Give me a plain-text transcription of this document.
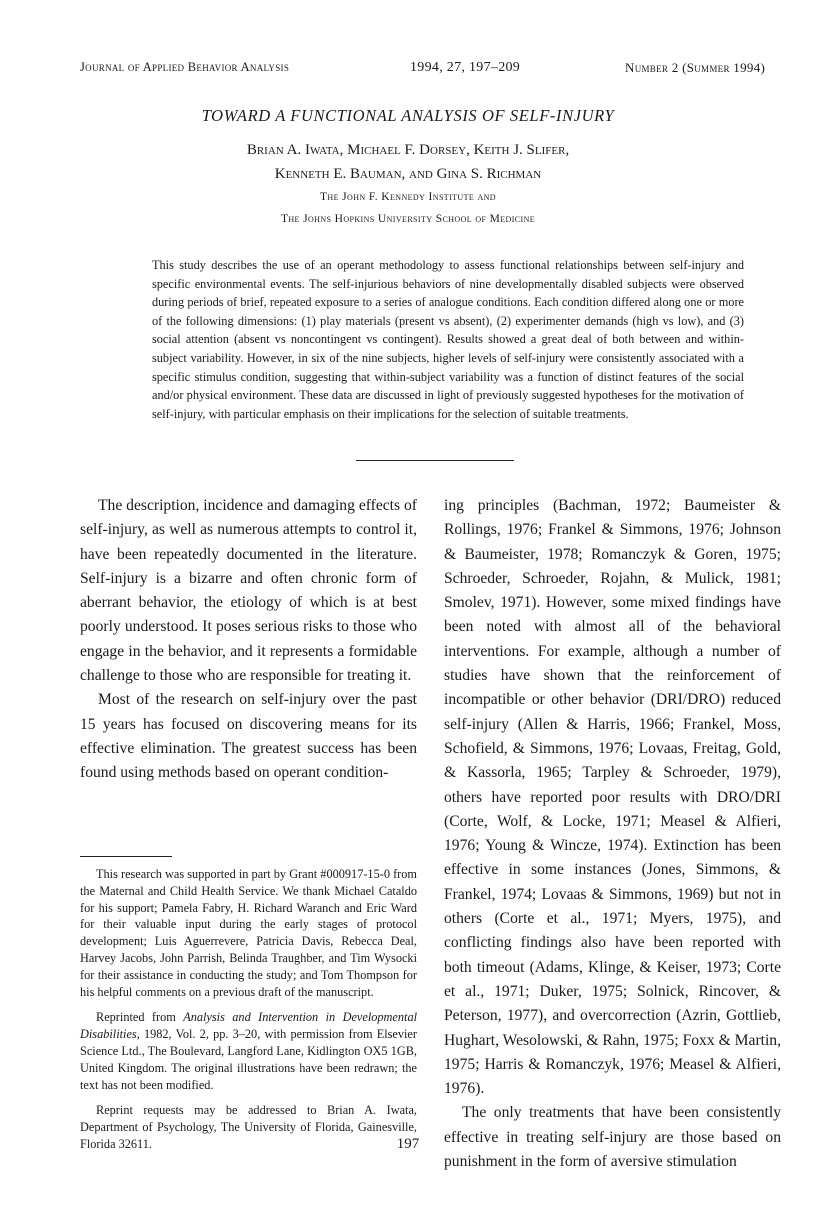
Journal of Applied Behavior Analysis	1994, 27, 197–209	Number 2 (Summer 1994)
TOWARD A FUNCTIONAL ANALYSIS OF SELF-INJURY
Brian A. Iwata, Michael F. Dorsey, Keith J. Slifer,
Kenneth E. Bauman, and Gina S. Richman
The John F. Kennedy Institute and
The Johns Hopkins University School of Medicine
This study describes the use of an operant methodology to assess functional relationships between self-injury and specific environmental events. The self-injurious behaviors of nine developmentally disabled subjects were observed during periods of brief, repeated exposure to a series of analogue conditions. Each condition differed along one or more of the following dimensions: (1) play materials (present vs absent), (2) experimenter demands (high vs low), and (3) social attention (absent vs noncontingent vs contingent). Results showed a great deal of both between and within-subject variability. However, in six of the nine subjects, higher levels of self-injury were consistently associated with a specific stimulus condition, suggesting that within-subject variability was a function of distinct features of the social and/or physical environment. These data are discussed in light of previously suggested hypotheses for the motivation of self-injury, with particular emphasis on their implications for the selection of suitable treatments.

The description, incidence and damaging effects of self-injury, as well as numerous attempts to control it, have been repeatedly documented in the literature. Self-injury is a bizarre and often chronic form of aberrant behavior, the etiology of which is at best poorly understood. It poses serious risks to those who engage in the behavior, and it represents a formidable challenge to those who are responsible for treating it.

Most of the research on self-injury over the past 15 years has focused on discovering means for its effective elimination. The greatest success has been found using methods based on operant condition-

ing principles (Bachman, 1972; Baumeister & Rollings, 1976; Frankel & Simmons, 1976; Johnson & Baumeister, 1978; Romanczyk & Goren, 1975; Schroeder, Schroeder, Rojahn, & Mulick, 1981; Smolev, 1971). However, some mixed findings have been noted with almost all of the behavioral interventions. For example, although a number of studies have shown that the reinforcement of incompatible or other behavior (DRI/DRO) reduced self-injury (Allen & Harris, 1966; Frankel, Moss, Schofield, & Simmons, 1976; Lovaas, Freitag, Gold, & Kassorla, 1965; Tarpley & Schroeder, 1979), others have reported poor results with DRO/DRI (Corte, Wolf, & Locke, 1971; Measel & Alfieri, 1976; Young & Wincze, 1974). Extinction has been effective in some instances (Jones, Simmons, & Frankel, 1974; Lovaas & Simmons, 1969) but not in others (Corte et al., 1971; Myers, 1975), and conflicting findings also have been reported with both timeout (Adams, Klinge, & Keiser, 1973; Corte et al., 1971; Duker, 1975; Solnick, Rincover, & Peterson, 1977), and overcorrection (Azrin, Gottlieb, Hughart, Wesolowski, & Rahn, 1975; Foxx & Martin, 1975; Harris & Romanczyk, 1976; Measel & Alfieri, 1976).

The only treatments that have been consistently effective in treating self-injury are those based on punishment in the form of aversive stimulation

This research was supported in part by Grant #000917-15-0 from the Maternal and Child Health Service. We thank Michael Cataldo for his support; Pamela Fabry, H. Richard Waranch and Eric Ward for their valuable input during the early stages of protocol development; Luis Aguerrevere, Patricia Davis, Rebecca Deal, Harvey Jacobs, John Parrish, Belinda Traughber, and Tim Wysocki for their assistance in conducting the study; and Tom Thompson for his helpful comments on a previous draft of the manuscript.

Reprinted from Analysis and Intervention in Developmental Disabilities, 1982, Vol. 2, pp. 3–20, with permission from Elsevier Science Ltd., The Boulevard, Langford Lane, Kidlington OX5 1GB, United Kingdom. The original illustrations have been redrawn; the text has not been modified.

Reprint requests may be addressed to Brian A. Iwata, Department of Psychology, The University of Florida, Gainesville, Florida 32611.	197
